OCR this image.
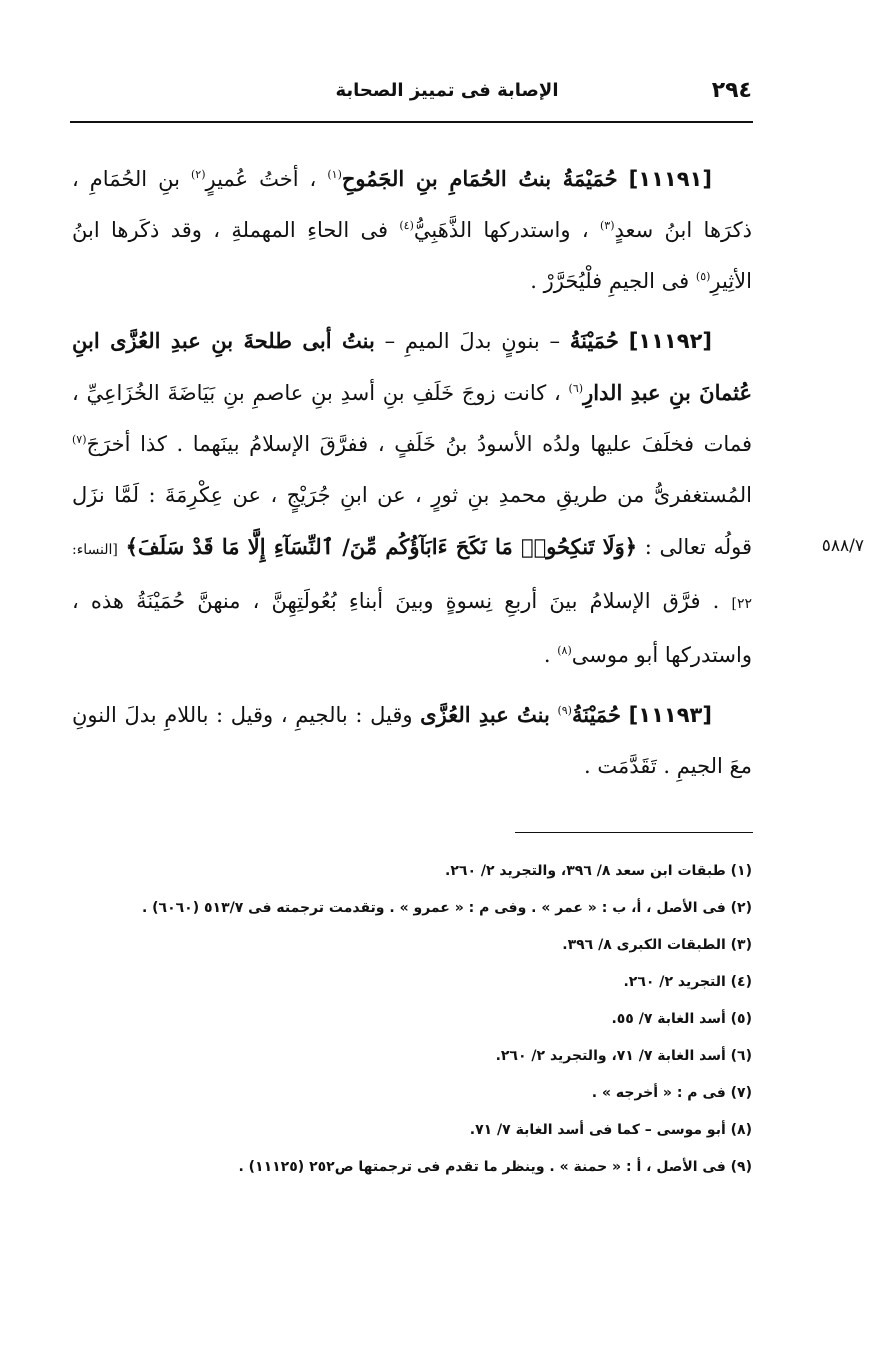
٢٩٤
الإصابة فى تمييز الصحابة

[١١١٩١] حُمَيْمَةُ بنتُ الحُمَامِ بنِ الجَمُوحِ$^{(١)}$ ، أختُ عُميرٍ$^{(٢)}$ بنِ الحُمَامِ ، ذكرَها ابنُ سعدٍ$^{(٣)}$ ، واستدركها الذَّهَبِيُّ$^{(٤)}$ فى الحاءِ المهملةِ ، وقد ذكَرها ابنُ الأثِيرِ$^{(٥)}$ فى الجيمِ فلْيُحَرَّرْ .

[١١١٩٢] حُمَيْنَةُ – بنونٍ بدلَ الميمِ – بنتُ أبى طلحةَ بنِ عبدِ العُزَّى ابنِ عُثمانَ بنِ عبدِ الدارِ$^{(٦)}$ ، كانت زوجَ خَلَفِ بنِ أسدِ بنِ عاصمِ بنِ بَيَاضَةَ الخُزَاعِيِّ ، فمات فخلَفَ عليها ولدُه الأسودُ بنُ خَلَفٍ ، ففرَّقَ الإسلامُ بينَهما . كذا أخرَجَ$^{(٧)}$ المُستغفرىُّ من طريقِ محمدِ بنِ ثورٍ ، عن ابنِ جُرَيْجٍ ، عن عِكْرِمَةَ : لَمَّا نزَل قولُه تعالى : ﴿وَلَا تَنكِحُوا۟ مَا نَكَحَ ءَابَآؤُكُم مِّنَ/ ٱلنِّسَآءِ إِلَّا مَا قَدْ سَلَفَ﴾ [النساء: ٢٢] . فرَّق الإسلامُ بينَ أربعِ نِسوةٍ وبينَ أبناءِ بُعُولَتِهِنَّ ، منهنَّ حُمَيْنَةُ هذه ، واستدركها أبو موسى$^{(٨)}$ .

[١١١٩٣] حُمَيْنَةُ$^{(٩)}$ بنتُ عبدِ العُزَّى وقيل : بالجيمِ ، وقيل : باللامِ بدلَ النونِ معَ الجيمِ . تَقَدَّمَت .

٥٨٨/٧

(١) طبقات ابن سعد ٨/ ٣٩٦، والتجريد ٢/ ٢٦٠.

(٢) فى الأصل ، أ، ب : « عمر » . وفى م : « عمرو » . وتقدمت ترجمته فى ٥١٣/٧ (٦٠٦٠) .

(٣) الطبقات الكبرى ٨/ ٣٩٦.

(٤) التجريد ٢/ ٢٦٠.

(٥) أسد الغابة ٧/ ٥٥.

(٦) أسد الغابة ٧/ ٧١، والتجريد ٢/ ٢٦٠.

(٧) فى م : « أخرجه » .

(٨) أبو موسى – كما فى أسد الغابة ٧/ ٧١.

(٩) فى الأصل ، أ : « حمنة » . وينظر ما تقدم فى ترجمتها ص٢٥٢ (١١١٢٥) .
